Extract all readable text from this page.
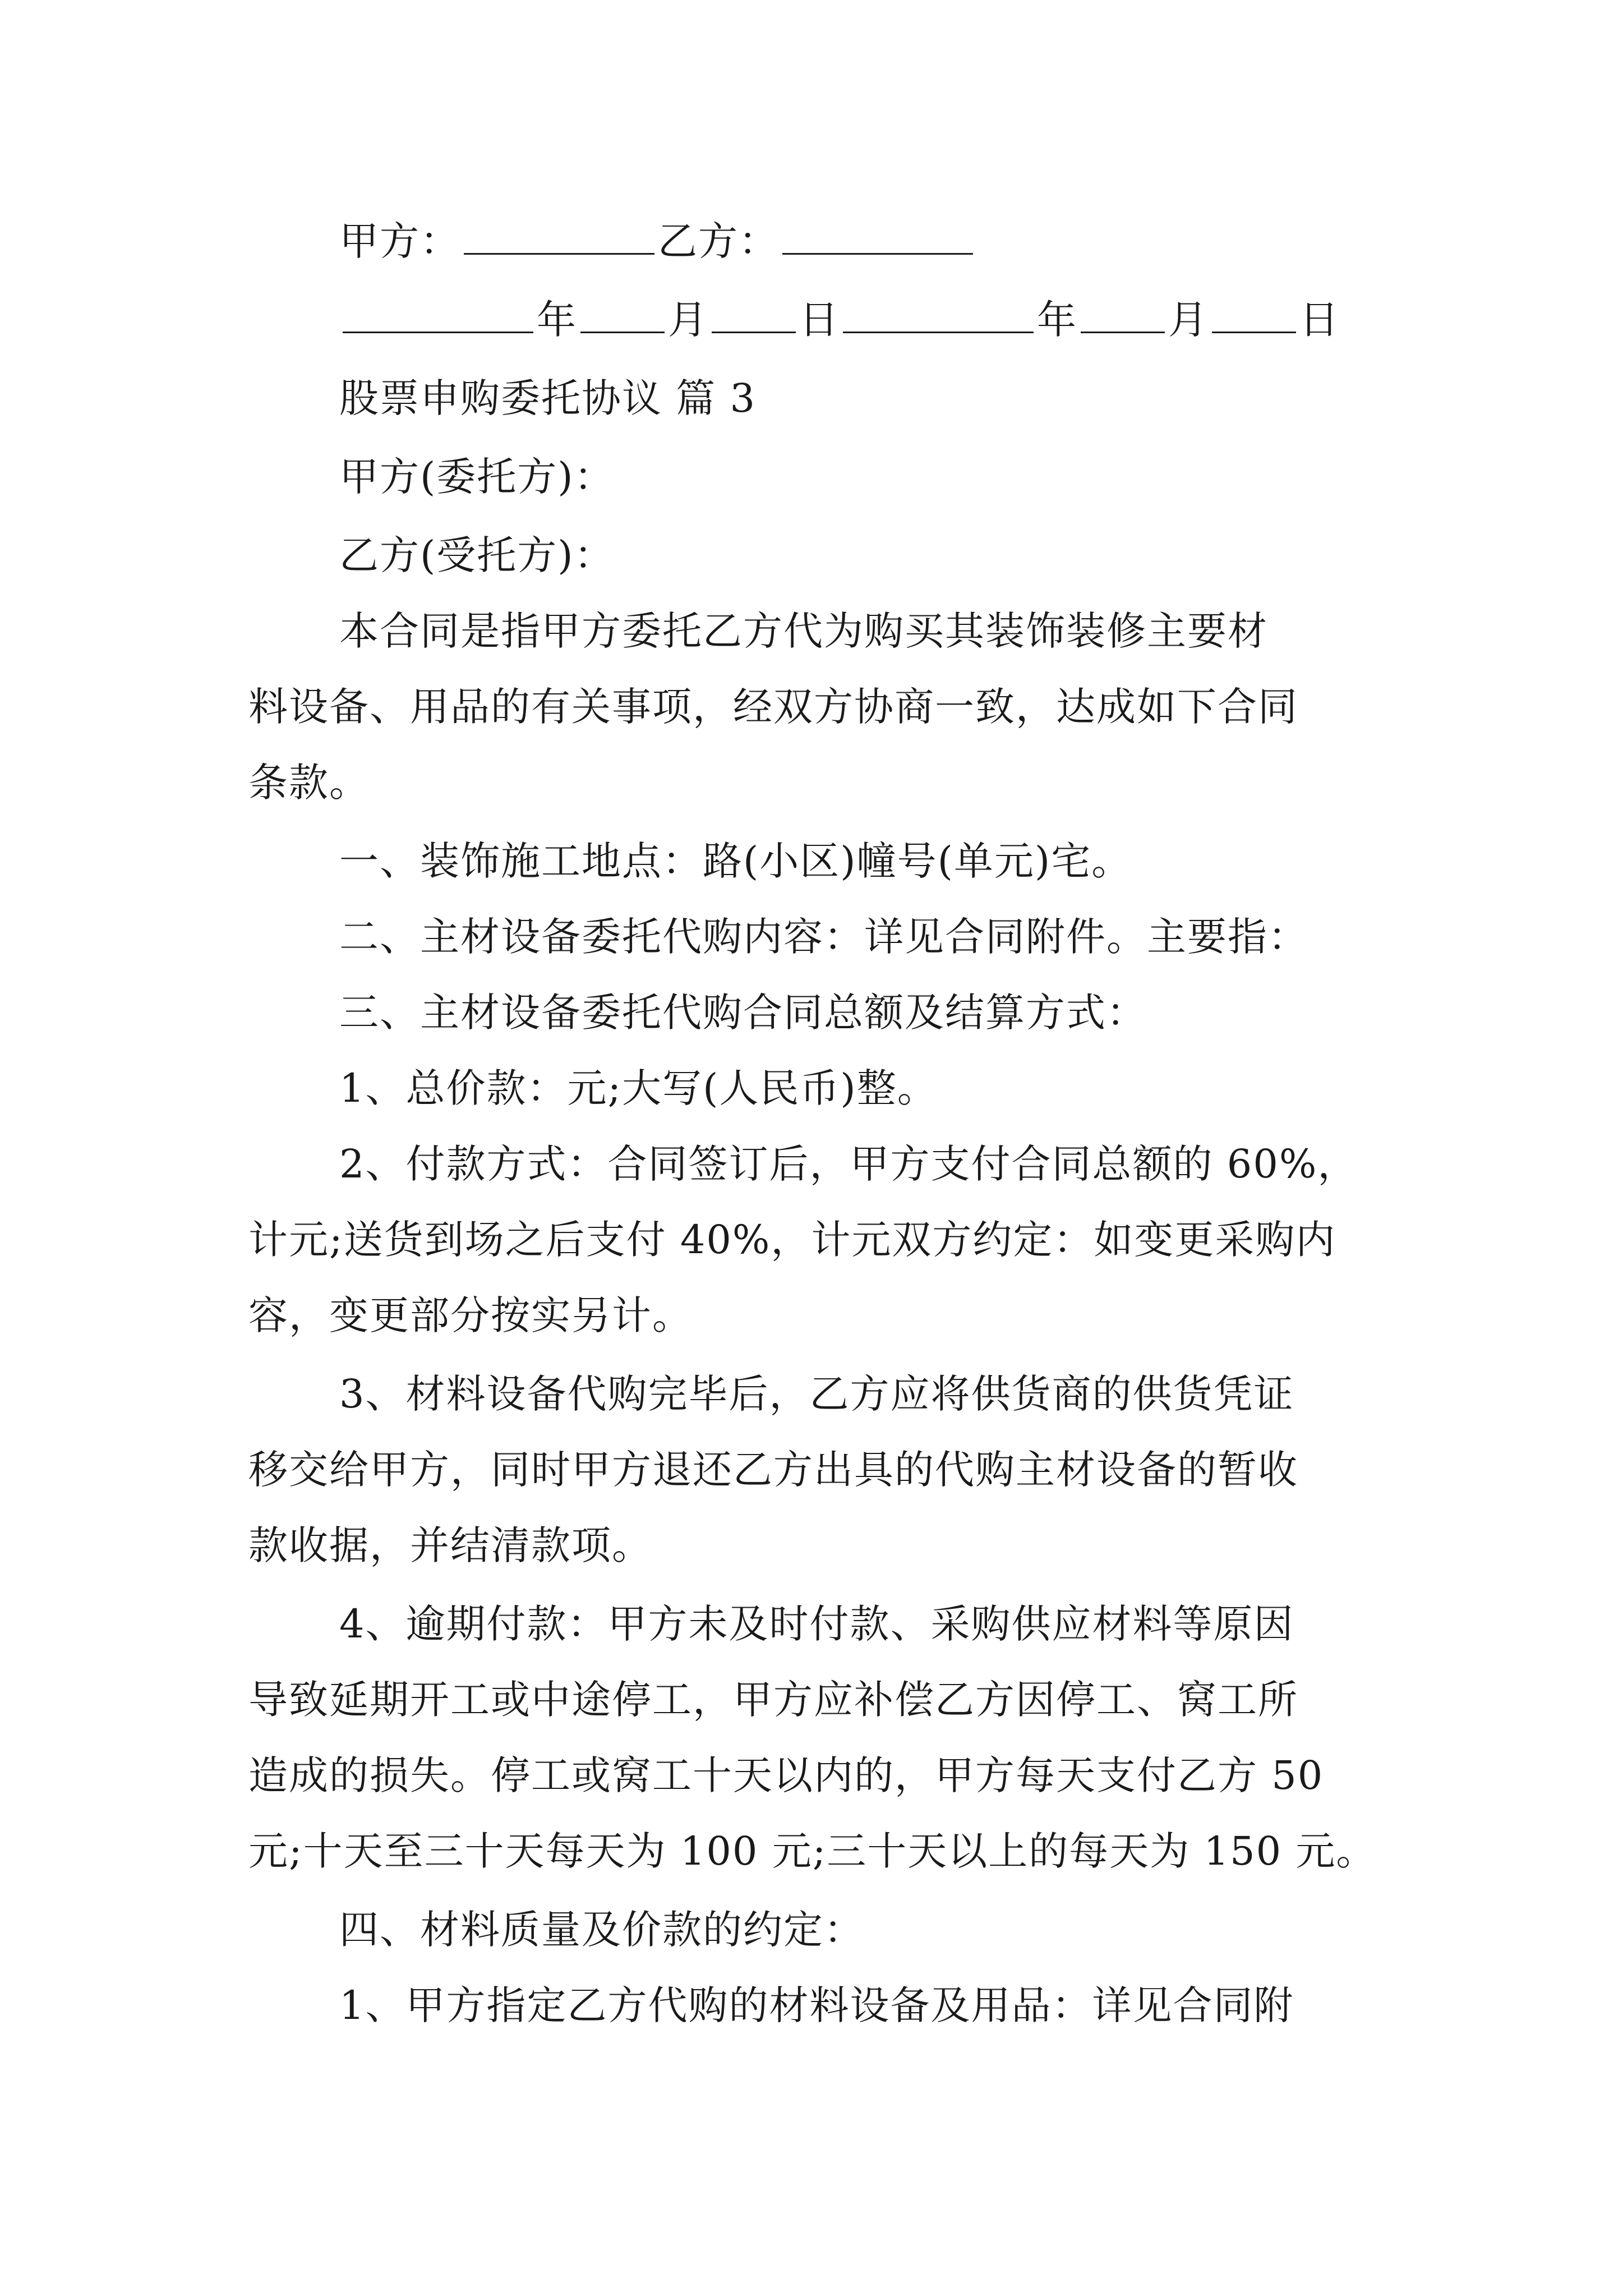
甲方：	乙方：
年 月 日	年 月 日
股票申购委托协议 篇 3
甲方(委托方)：
乙方(受托方)：
本合同是指甲方委托乙方代为购买其装饰装修主要材
料设备、用品的有关事项，经双方协商一致，达成如下合同
条款。
一、装饰施工地点：路(小区)幢号(单元)宅。
二、主材设备委托代购内容：详见合同附件。主要指：
三、主材设备委托代购合同总额及结算方式：
1、总价款：元;大写(人民币)整。
2、付款方式：合同签订后，甲方支付合同总额的 60%，
计元;送货到场之后支付 40%，计元双方约定：如变更采购内
容，变更部分按实另计。
3、材料设备代购完毕后，乙方应将供货商的供货凭证
移交给甲方，同时甲方退还乙方出具的代购主材设备的暂收
款收据，并结清款项。
4、逾期付款：甲方未及时付款、采购供应材料等原因
导致延期开工或中途停工，甲方应补偿乙方因停工、窝工所
造成的损失。停工或窝工十天以内的，甲方每天支付乙方 50
元;十天至三十天每天为 100 元;三十天以上的每天为 150 元。
四、材料质量及价款的约定：
1、甲方指定乙方代购的材料设备及用品：详见合同附
